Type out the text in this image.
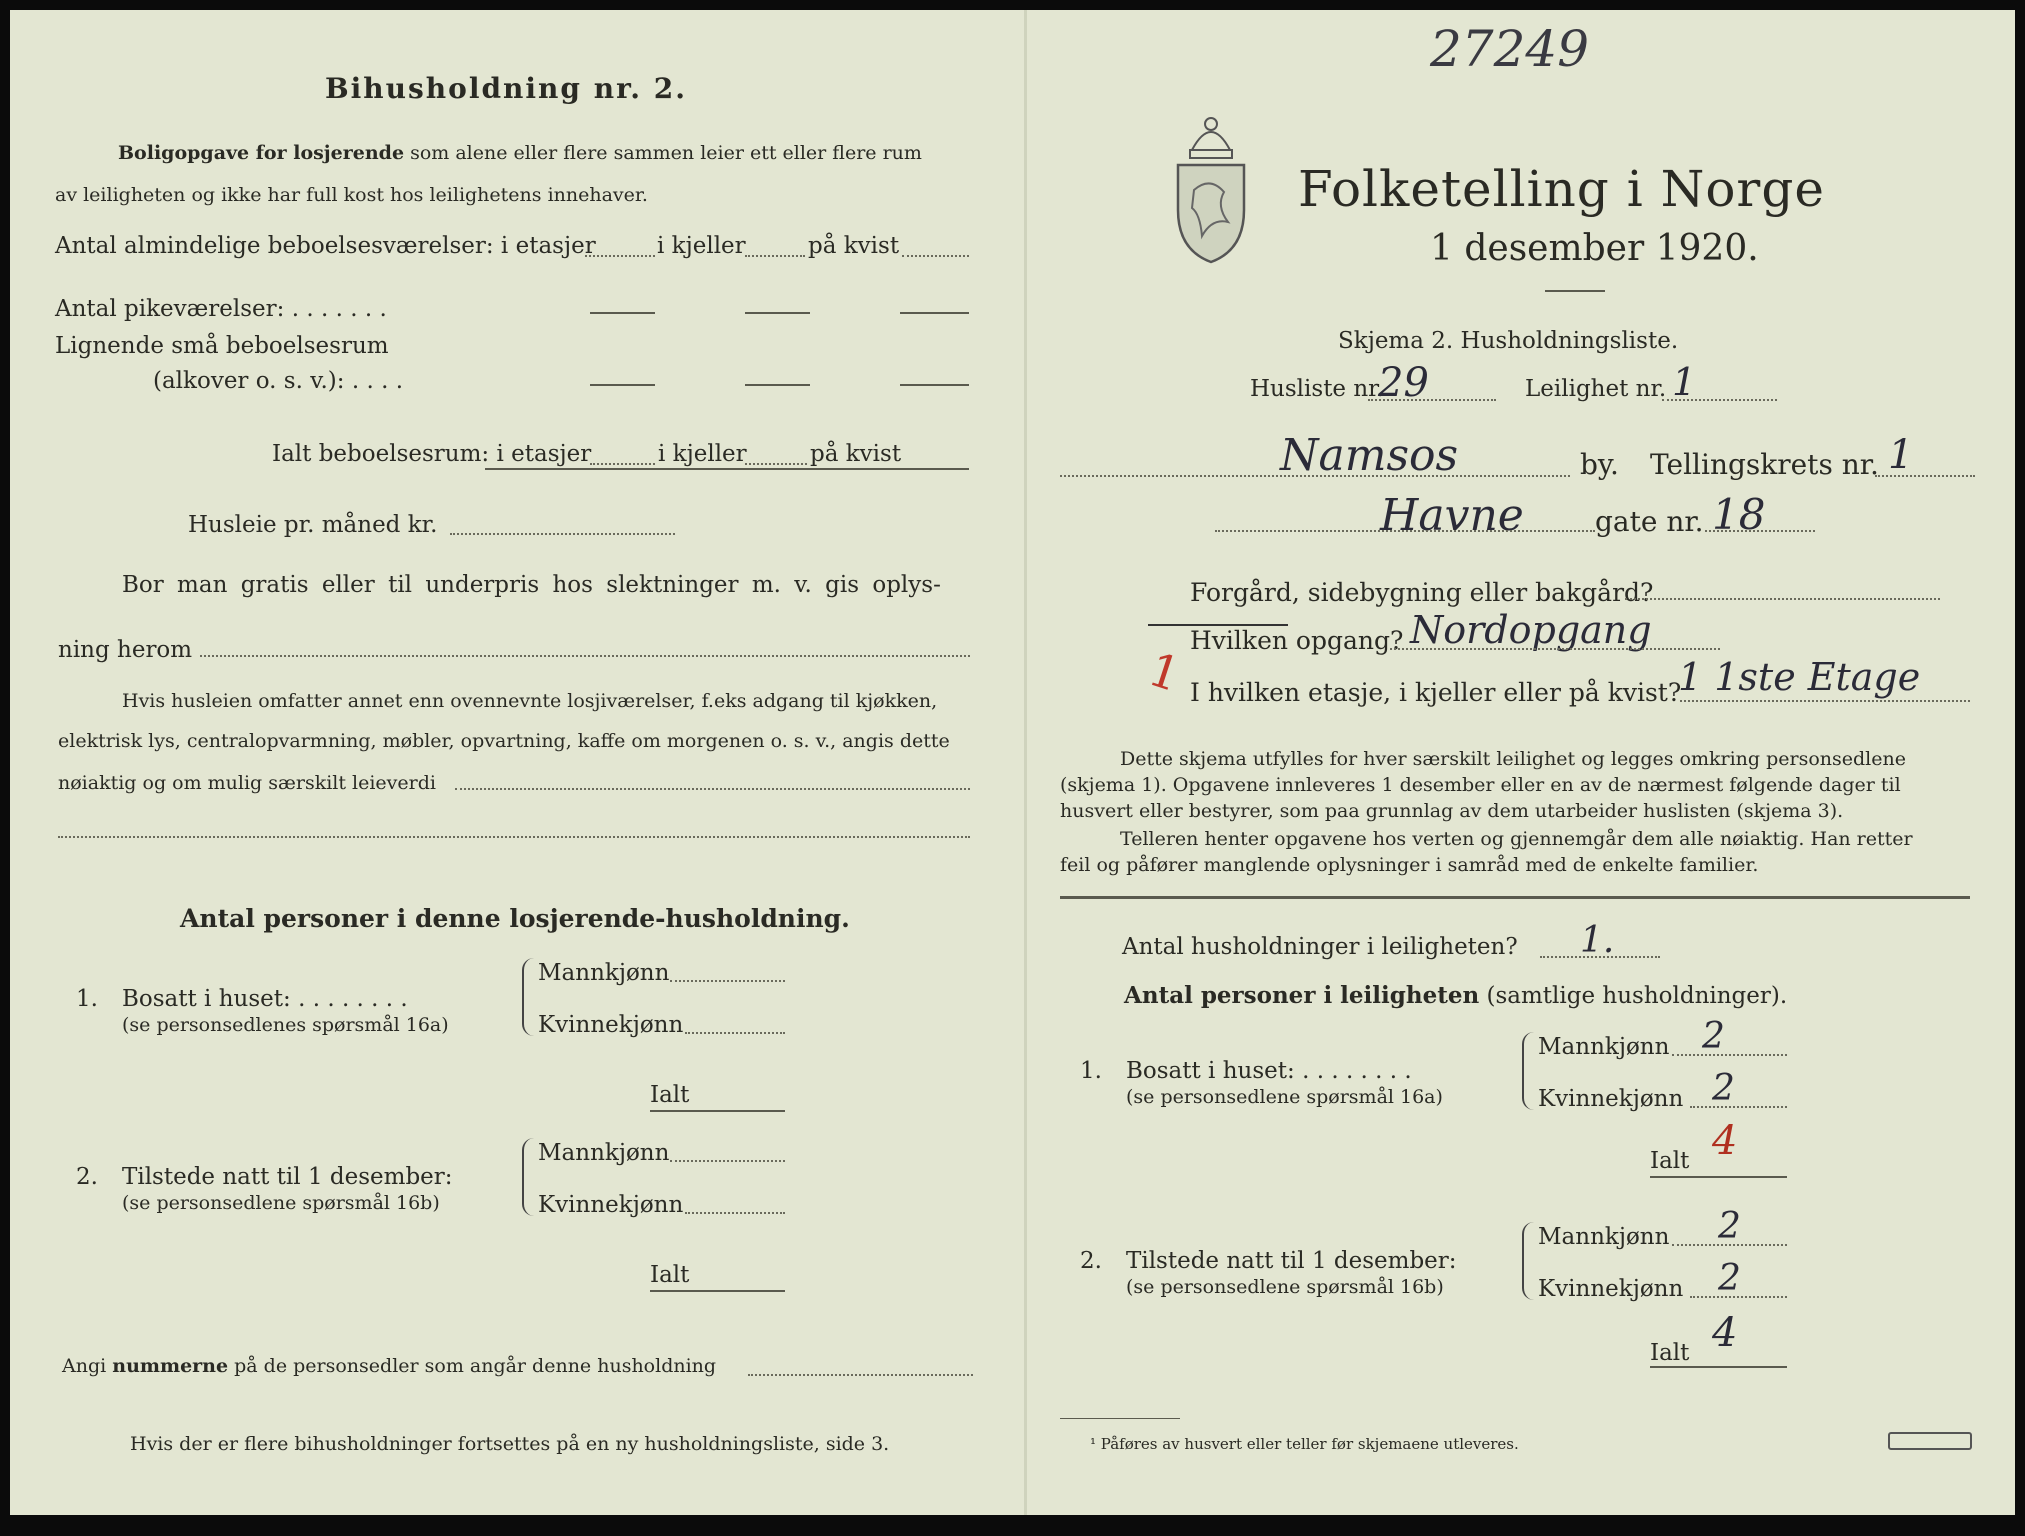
Bihusholdning nr. 2.
Boligopgave for losjerende som alene eller flere sammen leier ett eller flere rum
av leiligheten og ikke har full kost hos leilighetens innehaver.
Antal almindelige beboelsesværelser: i etasjer	i kjeller	på kvist
Antal pikeværelser: . . . . . . .
Lignende små beboelsesrum
(alkover o. s. v.): . . . .
Ialt beboelsesrum: i etasjer	i kjeller	på kvist
Husleie pr. måned kr.
Bor man gratis eller til underpris hos slektninger m. v. gis oplys-
ning herom
Hvis husleien omfatter annet enn ovennevnte losjiværelser, f.eks adgang til kjøkken,
elektrisk lys, centralopvarmning, møbler, opvartning, kaffe om morgenen o. s. v., angis dette
nøiaktig og om mulig særskilt leieverdi
Antal personer i denne losjerende-husholdning.
1. Bosatt i huset: . . . . . . . .
(se personsedlenes spørsmål 16a)
Mannkjønn
Kvinnekjønn
Ialt
2. Tilstede natt til 1 desember:
(se personsedlene spørsmål 16b)
Mannkjønn
Kvinnekjønn
Ialt
Angi nummerne på de personsedler som angår denne husholdning
Hvis der er flere bihusholdninger fortsettes på en ny husholdningsliste, side 3.
27249
Folketelling i Norge
1 desember 1920.
Skjema 2. Husholdningsliste.
Husliste nr.
29	Leilighet nr. 1
Namsos	by. Tellingskrets nr. 1
Havne	gate nr. 18
Forgård, sidebygning eller bakgård?
Hvilken opgang? Nordopgang
1 I hvilken etasje, i kjeller eller på kvist?
1 1ste Etage
Dette skjema utfylles for hver særskilt leilighet og legges omkring personsedlene
(skjema 1). Opgavene innleveres 1 desember eller en av de nærmest følgende dager til
husvert eller bestyrer, som paa grunnlag av dem utarbeider huslisten (skjema 3).
Telleren henter opgavene hos verten og gjennemgår dem alle nøiaktig. Han retter
feil og påfører manglende oplysninger i samråd med de enkelte familier.
Antal husholdninger i leiligheten? 1.
Antal personer i leiligheten (samtlige husholdninger).
1. Bosatt i huset: . . . . . . . .
(se personsedlene spørsmål 16a)
Mannkjønn 2
Kvinnekjønn 2
Ialt 4
2. Tilstede natt til 1 desember:
(se personsedlene spørsmål 16b)
Mannkjønn 2
Kvinnekjønn 2
Ialt 4
¹ Påføres av husvert eller teller før skjemaene utleveres.
